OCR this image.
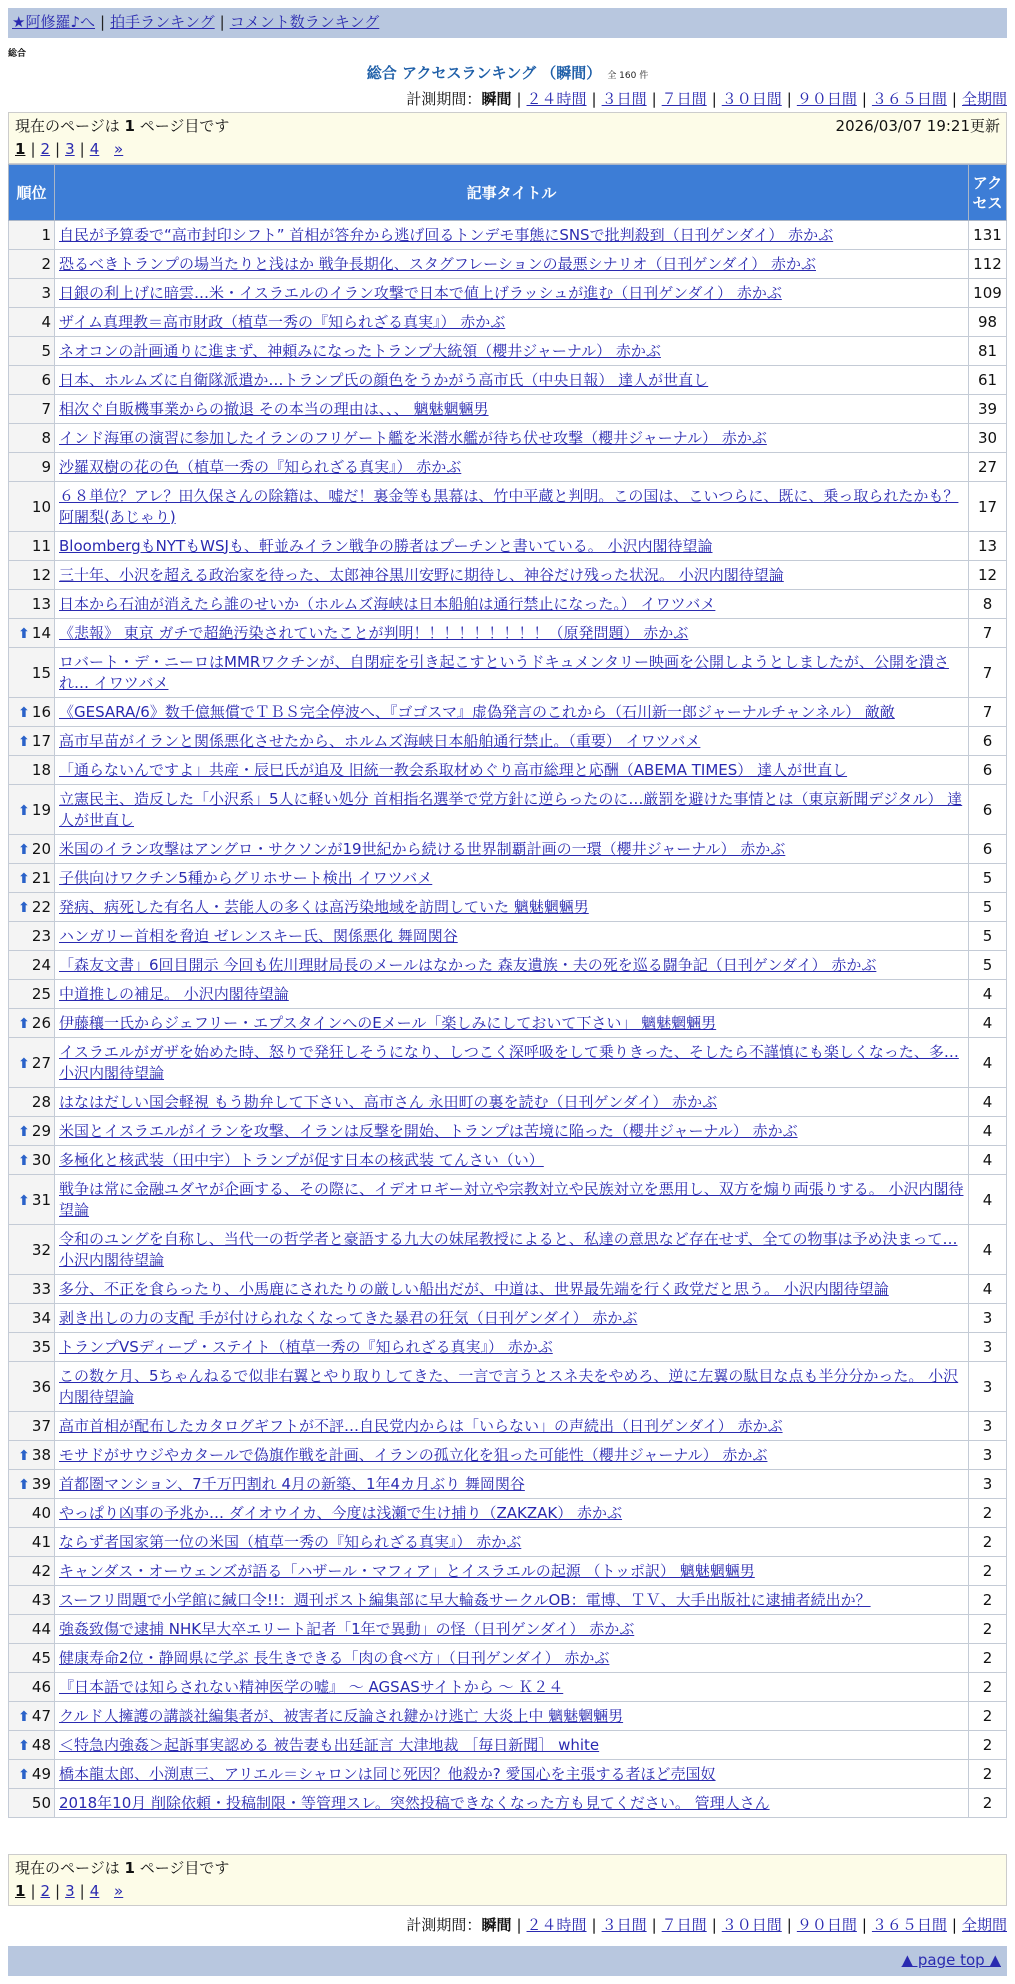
★阿修羅♪へ | 拍手ランキング | コメント数ランキング
総合
総合 アクセスランキング （瞬間） 全 160 件
計測期間：瞬間 | ２４時間 | ３日間 | ７日間 | ３０日間 | ９０日間 | ３６５日間 | 全期間
現在のページは 1 ページ目です	2026/03/07 19:21更新
1 | 2 | 3 | 4 »
順位	記事タイトル	アクセス
1	自民が予算委で“高市封印シフト” 首相が答弁から逃げ回るトンデモ事態にSNSで批判殺到（日刊ゲンダイ） 赤かぶ	131
2	恐るべきトランプの場当たりと浅はか 戦争長期化、スタグフレーションの最悪シナリオ（日刊ゲンダイ） 赤かぶ	112
3	日銀の利上げに暗雲…米・イスラエルのイラン攻撃で日本で値上げラッシュが進む（日刊ゲンダイ） 赤かぶ	109
4	ザイム真理教＝高市財政（植草一秀の『知られざる真実』） 赤かぶ	98
5	ネオコンの計画通りに進まず、神頼みになったトランプ大統領（櫻井ジャーナル） 赤かぶ	81
6	日本、ホルムズに自衛隊派遣か…トランプ氏の顔色をうかがう高市氏（中央日報） 達人が世直し	61
7	相次ぐ自販機事業からの撤退 その本当の理由は、、、 魑魅魍魎男	39
8	インド海軍の演習に参加したイランのフリゲート艦を米潜水艦が待ち伏せ攻撃（櫻井ジャーナル） 赤かぶ	30
9	沙羅双樹の花の色（植草一秀の『知られざる真実』） 赤かぶ	27
10	６８単位？アレ？田久保さんの除籍は、嘘だ！裏金等も黒幕は、竹中平蔵と判明。この国は、こいつらに、既に、乗っ取られたかも？ 阿闍梨(あじゃり)	17
11	BloombergもNYTもWSJも、軒並みイラン戦争の勝者はプーチンと書いている。 小沢内閣待望論	13
12	三十年、小沢を超える政治家を待った、太郎神谷黒川安野に期待し、神谷だけ残った状況。 小沢内閣待望論	12
13	日本から石油が消えたら誰のせいか（ホルムズ海峡は日本船舶は通行禁止になった。） イワツバメ	8
⬆ 14	《悲報》 東京 ガチで超絶汚染されていたことが判明！！！！！！！！！（原発問題） 赤かぶ	7
15	ロバート・デ・ニーロはMMRワクチンが、自閉症を引き起こすというドキュメンタリー映画を公開しようとしましたが、公開を潰され… イワツバメ	7
⬆ 16	《GESARA/6》数千億無償でＴＢＳ完全停波へ、『ゴゴスマ』虚偽発言のこれから（石川新一郎ジャーナルチャンネル） 敵敵	7
⬆ 17	高市早苗がイランと関係悪化させたから、ホルムズ海峡日本船舶通行禁止。（重要） イワツバメ	6
18	「通らないんですよ」共産・辰巳氏が追及 旧統一教会系取材めぐり高市総理と応酬（ABEMA TIMES） 達人が世直し	6
⬆ 19	立憲民主、造反した「小沢系」5人に軽い処分 首相指名選挙で党方針に逆らったのに…厳罰を避けた事情とは（東京新聞デジタル） 達人が世直し	6
⬆ 20	米国のイラン攻撃はアングロ・サクソンが19世紀から続ける世界制覇計画の一環（櫻井ジャーナル） 赤かぶ	6
⬆ 21	子供向けワクチン5種からグリホサート検出 イワツバメ	5
⬆ 22	発病、病死した有名人・芸能人の多くは高汚染地域を訪問していた 魑魅魍魎男	5
23	ハンガリー首相を脅迫 ゼレンスキー氏、関係悪化 舞岡関谷	5
24	「森友文書」6回目開示 今回も佐川理財局長のメールはなかった 森友遺族・夫の死を巡る闘争記（日刊ゲンダイ） 赤かぶ	5
25	中道推しの補足。 小沢内閣待望論	4
⬆ 26	伊藤穰一氏からジェフリー・エプスタインへのEメール「楽しみにしておいて下さい」 魑魅魍魎男	4
⬆ 27	イスラエルがガザを始めた時、怒りで発狂しそうになり、しつこく深呼吸をして乗りきった、そしたら不謹慎にも楽しくなった、多… 小沢内閣待望論	4
28	はなはだしい国会軽視 もう勘弁して下さい、高市さん 永田町の裏を読む（日刊ゲンダイ） 赤かぶ	4
⬆ 29	米国とイスラエルがイランを攻撃、イランは反撃を開始、トランプは苦境に陥った（櫻井ジャーナル） 赤かぶ	4
⬆ 30	多極化と核武装（田中宇）トランプが促す日本の核武装 てんさい（い）	4
⬆ 31	戦争は常に金融ユダヤが企画する、その際に、イデオロギー対立や宗教対立や民族対立を悪用し、双方を煽り両張りする。 小沢内閣待望論	4
32	令和のユングを自称し、当代一の哲学者と豪語する九大の妹尾教授によると、私達の意思など存在せず、全ての物事は予め決まって… 小沢内閣待望論	4
33	多分、不正を食らったり、小馬鹿にされたりの厳しい船出だが、中道は、世界最先端を行く政党だと思う。 小沢内閣待望論	4
34	剥き出しの力の支配 手が付けられなくなってきた暴君の狂気（日刊ゲンダイ） 赤かぶ	3
35	トランプVSディープ・ステイト（植草一秀の『知られざる真実』） 赤かぶ	3
36	この数ケ月、5ちゃんねるで似非右翼とやり取りしてきた、一言で言うとスネ夫をやめろ、逆に左翼の駄目な点も半分分かった。 小沢内閣待望論	3
37	高市首相が配布したカタログギフトが不評…自民党内からは「いらない」の声続出（日刊ゲンダイ） 赤かぶ	3
⬆ 38	モサドがサウジやカタールで偽旗作戦を計画、イランの孤立化を狙った可能性（櫻井ジャーナル） 赤かぶ	3
⬆ 39	首都圏マンション、7千万円割れ 4月の新築、1年4カ月ぶり 舞岡関谷	3
40	やっぱり凶事の予兆か… ダイオウイカ、今度は浅瀬で生け捕り（ZAKZAK） 赤かぶ	2
41	ならず者国家第一位の米国（植草一秀の『知られざる真実』） 赤かぶ	2
42	キャンダス・オーウェンズが語る「ハザール・マフィア」とイスラエルの起源 （トッポ訳） 魑魅魍魎男	2
43	スーフリ問題で小学館に緘口令!!：週刊ポスト編集部に早大輪姦サークルOB：電博、ＴＶ、大手出版社に逮捕者続出か？	2
44	強姦致傷で逮捕 NHK早大卒エリート記者「1年で異動」の怪（日刊ゲンダイ） 赤かぶ	2
45	健康寿命2位・静岡県に学ぶ 長生きできる「肉の食べ方」（日刊ゲンダイ） 赤かぶ	2
46	『日本語では知らされない精神医学の嘘』 〜 AGSASサイトから 〜 Ｋ２４	2
⬆ 47	クルド人擁護の講談社編集者が、被害者に反論され鍵かけ逃亡 大炎上中 魑魅魍魎男	2
⬆ 48	＜特急内強姦＞起訴事実認める 被告妻も出廷証言 大津地裁 ［毎日新聞］ white	2
⬆ 49	橋本龍太郎、小渕恵三、アリエル＝シャロンは同じ死因？他殺か? 愛国心を主張する者ほど売国奴	2
50	2018年10月 削除依頼・投稿制限・等管理スレ。突然投稿できなくなった方も見てください。 管理人さん	2
現在のページは 1 ページ目です
1 | 2 | 3 | 4 »
計測期間：瞬間 | ２４時間 | ３日間 | ７日間 | ３０日間 | ９０日間 | ３６５日間 | 全期間
▲ page top ▲
